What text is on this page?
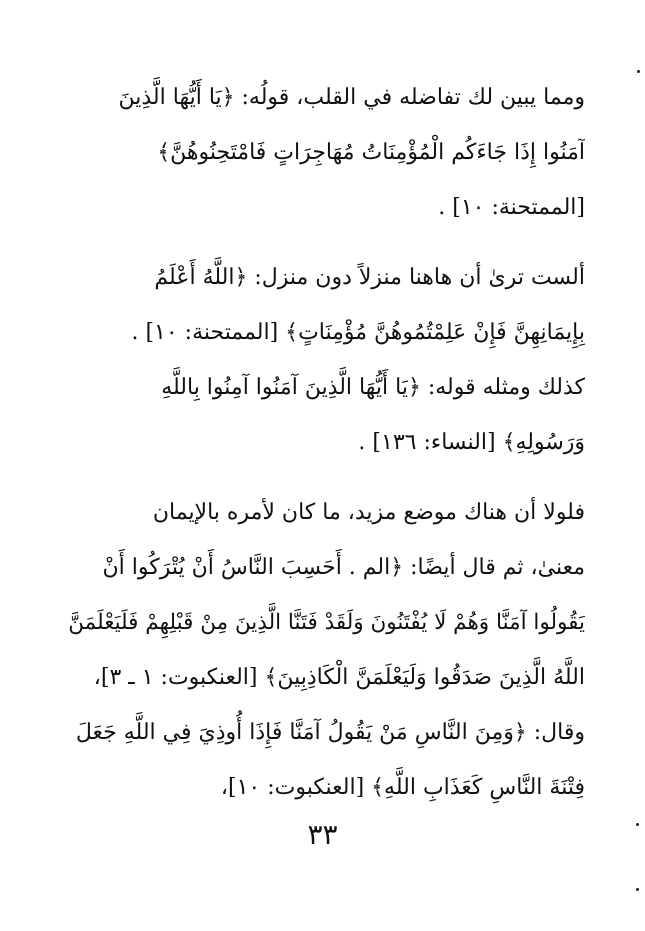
ومما يبين لك تفاضله في القلب، قولُه: ﴿يَا أَيُّهَا الَّذِينَ
آمَنُوا إِذَا جَاءَكُم الْمُؤْمِنَاتُ مُهَاجِرَاتٍ فَامْتَحِنُوهُنَّ﴾
[الممتحنة: ١٠] .
ألست ترىٰ أن هاهنا منزلاً دون منزل: ﴿اللَّهُ أَعْلَمُ
بِإِيمَانِهِنَّ فَإِنْ عَلِمْتُمُوهُنَّ مُؤْمِنَاتٍ﴾ [الممتحنة: ١٠] .
كذلك ومثله قوله: ﴿يَا أَيُّهَا الَّذِينَ آمَنُوا آمِنُوا بِاللَّهِ
وَرَسُولِهِ﴾ [النساء: ١٣٦] .
فلولا أن هناك موضع مزيد، ما كان لأمره بالإيمان
معنىٰ، ثم قال أيضًا: ﴿الم . أَحَسِبَ النَّاسُ أَنْ يُتْرَكُوا أَنْ
يَقُولُوا آمَنَّا وَهُمْ لَا يُفْتَنُونَ وَلَقَدْ فَتَنَّا الَّذِينَ مِنْ قَبْلِهِمْ فَلَيَعْلَمَنَّ
اللَّهُ الَّذِينَ صَدَقُوا وَلَيَعْلَمَنَّ الْكَاذِبِينَ﴾ [العنكبوت: ١ ـ ٣]،
وقال: ﴿وَمِنَ النَّاسِ مَنْ يَقُولُ آمَنَّا فَإِذَا أُوذِيَ فِي اللَّهِ جَعَلَ
فِتْنَةَ النَّاسِ كَعَذَابِ اللَّهِ﴾ [العنكبوت: ١٠]،
٣٣
